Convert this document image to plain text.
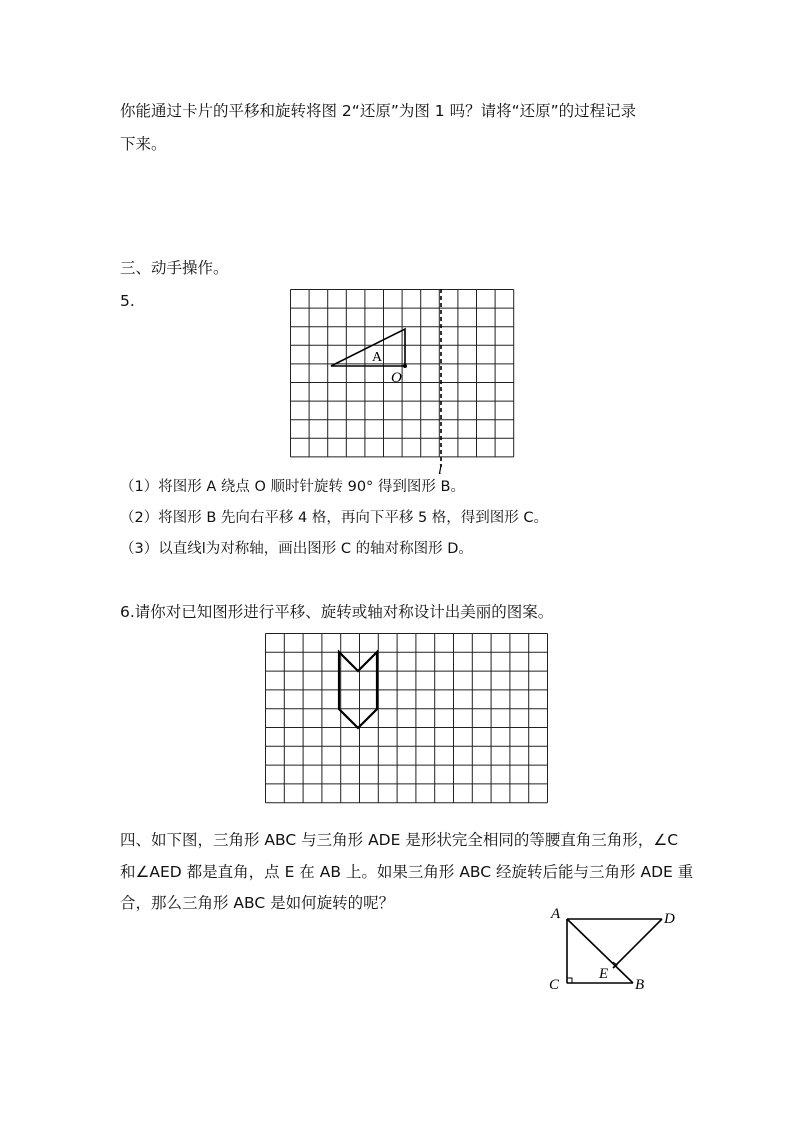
你能通过卡片的平移和旋转将图 2“还原”为图 1 吗？请将“还原”的过程记录
下来。
三、动手操作。
5.
A
O
l
（1）将图形 A 绕点 O 顺时针旋转 90° 得到图形 B。
（2）将图形 B 先向右平移 4 格，再向下平移 5 格，得到图形 C。
（3）以直线l为对称轴，画出图形 C 的轴对称图形 D。
6.请你对已知图形进行平移、旋转或轴对称设计出美丽的图案。
四、如下图，三角形 ABC 与三角形 ADE 是形状完全相同的等腰直角三角形，∠C
和∠AED 都是直角，点 E 在 AB 上。如果三角形 ABC 经旋转后能与三角形 ADE 重
合，那么三角形 ABC 是如何旋转的呢？
A	D
C	B
E
